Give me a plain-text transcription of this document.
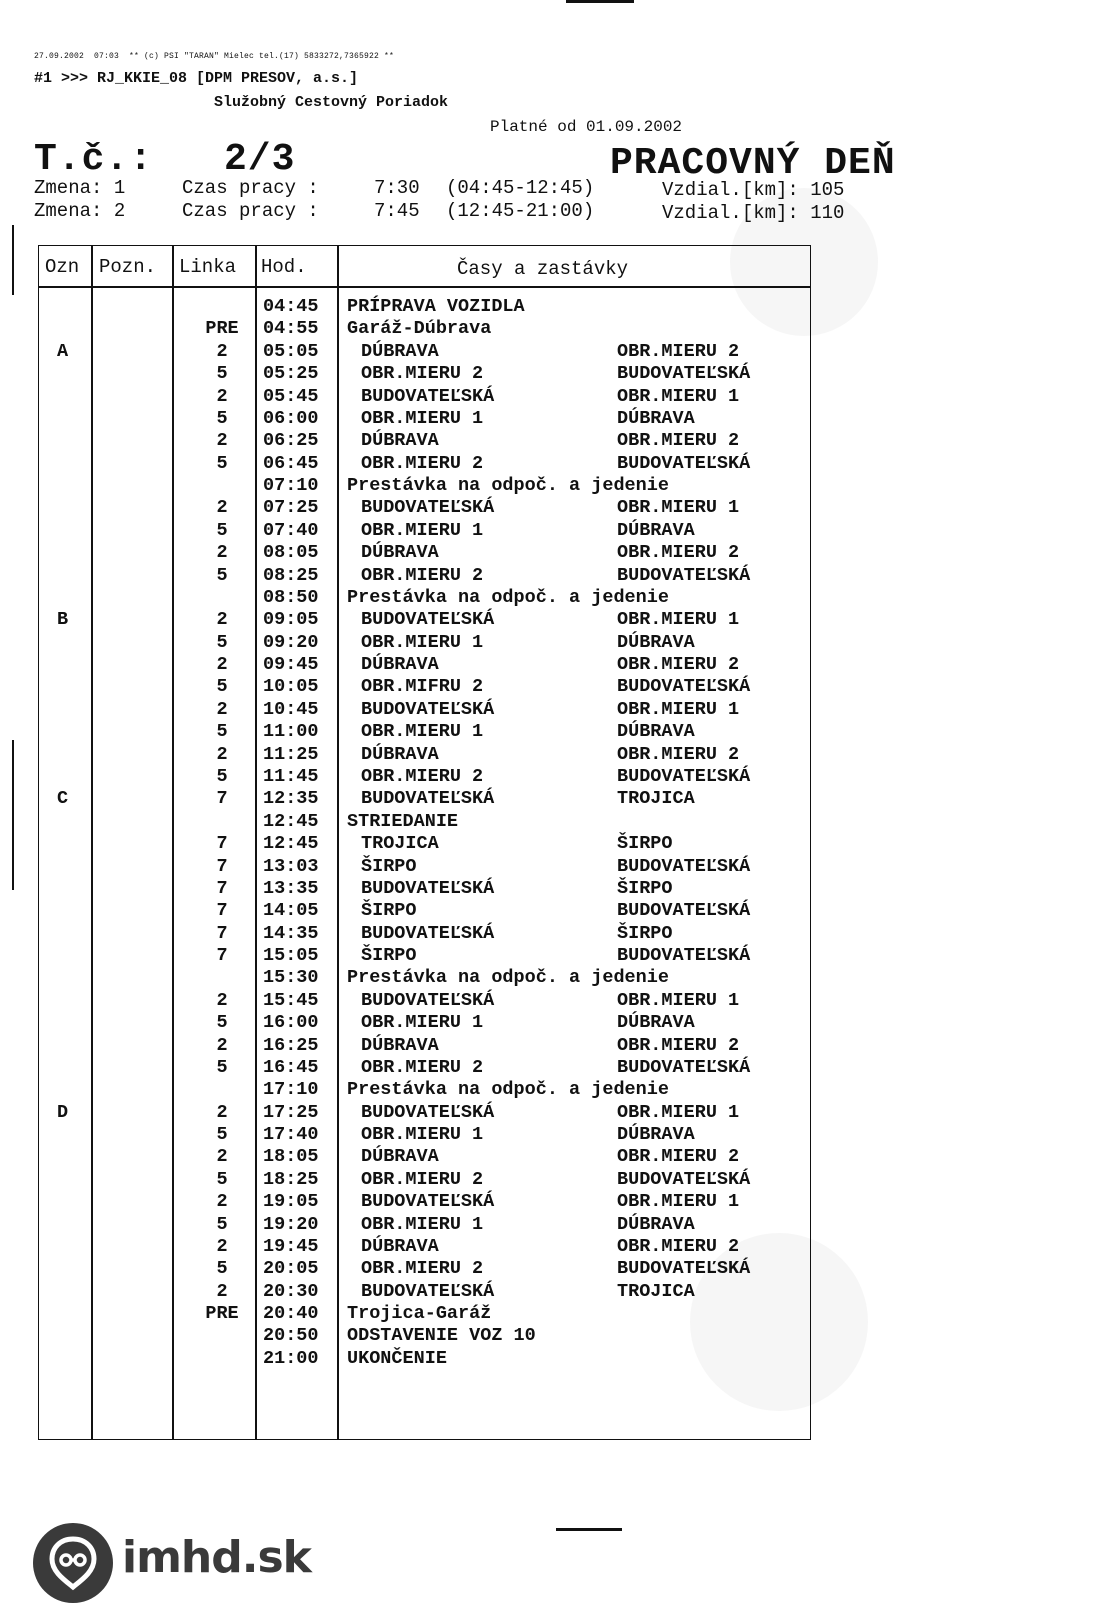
27.09.2002  07:03  ** (c) PSI "TARAN" Mielec tel.(17) 5833272,7365922 **
#1 >>> RJ_KKIE_08 [DPM PRESOV, a.s.]
Služobný Cestovný Poriadok
Platné od 01.09.2002
T.č.: 2/3	PRACOVNÝ DEŇ
Zmena: 1	Czas pracy :	7:30 (04:45-12:45)	Vzdial.[km]: 105
Zmena: 2	Czas pracy :	7:45 (12:45-21:00)	Vzdial.[km]: 110
Ozn Pozn. Linka Hod.	Časy a zastávky
04:45 PRÍPRAVA VOZIDLA
PRE	04:55 Garáž-Dúbrava
A	2	05:05 DÚBRAVA	OBR.MIERU 2
5	05:25 OBR.MIERU 2	BUDOVATEĽSKÁ
2	05:45 BUDOVATEĽSKÁ	OBR.MIERU 1
5	06:00 OBR.MIERU 1	DÚBRAVA
2	06:25 DÚBRAVA	OBR.MIERU 2
5	06:45 OBR.MIERU 2	BUDOVATEĽSKÁ
07:10 Prestávka na odpoč. a jedenie
2	07:25 BUDOVATEĽSKÁ	OBR.MIERU 1
5	07:40 OBR.MIERU 1	DÚBRAVA
2	08:05 DÚBRAVA	OBR.MIERU 2
5	08:25 OBR.MIERU 2	BUDOVATEĽSKÁ
08:50 Prestávka na odpoč. a jedenie
B	2	09:05 BUDOVATEĽSKÁ	OBR.MIERU 1
5	09:20 OBR.MIERU 1	DÚBRAVA
2	09:45 DÚBRAVA	OBR.MIERU 2
5	10:05 OBR.MIFRU 2	BUDOVATEĽSKÁ
2	10:45 BUDOVATEĽSKÁ	OBR.MIERU 1
5	11:00 OBR.MIERU 1	DÚBRAVA
2	11:25 DÚBRAVA	OBR.MIERU 2
5	11:45 OBR.MIERU 2	BUDOVATEĽSKÁ
C	7	12:35 BUDOVATEĽSKÁ	TROJICA
12:45 STRIEDANIE
7	12:45 TROJICA	ŠIRPO
7	13:03 ŠIRPO	BUDOVATEĽSKÁ
7	13:35 BUDOVATEĽSKÁ	ŠIRPO
7	14:05 ŠIRPO	BUDOVATEĽSKÁ
7	14:35 BUDOVATEĽSKÁ	ŠIRPO
7	15:05 ŠIRPO	BUDOVATEĽSKÁ
15:30 Prestávka na odpoč. a jedenie
2	15:45 BUDOVATEĽSKÁ	OBR.MIERU 1
5	16:00 OBR.MIERU 1	DÚBRAVA
2	16:25 DÚBRAVA	OBR.MIERU 2
5	16:45 OBR.MIERU 2	BUDOVATEĽSKÁ
17:10 Prestávka na odpoč. a jedenie
D	2	17:25 BUDOVATEĽSKÁ	OBR.MIERU 1
5	17:40 OBR.MIERU 1	DÚBRAVA
2	18:05 DÚBRAVA	OBR.MIERU 2
5	18:25 OBR.MIERU 2	BUDOVATEĽSKÁ
2	19:05 BUDOVATEĽSKÁ	OBR.MIERU 1
5	19:20 OBR.MIERU 1	DÚBRAVA
2	19:45 DÚBRAVA	OBR.MIERU 2
5	20:05 OBR.MIERU 2	BUDOVATEĽSKÁ
2	20:30 BUDOVATEĽSKÁ	TROJICA
PRE	20:40 Trojica-Garáž
20:50 ODSTAVENIE VOZ 10
21:00 UKONČENIE
imhd.sk
